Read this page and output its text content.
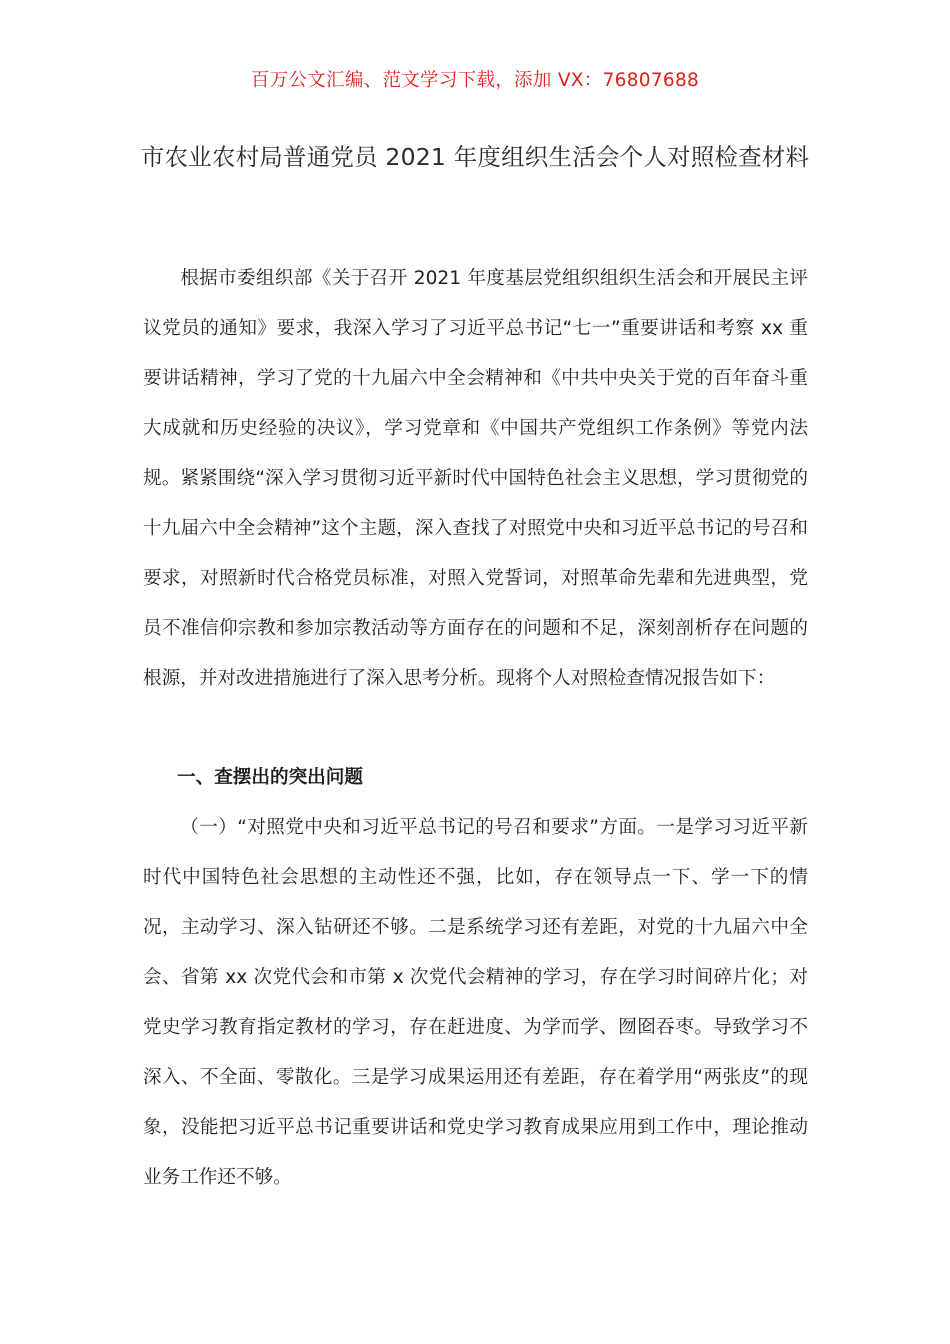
百万公文汇编、范文学习下载，添加 VX：76807688
市农业农村局普通党员 2021 年度组织生活会个人对照检查材料

根据市委组织部《关于召开 2021 年度基层党组织组织生活会和开展民主评议党员的通知》要求，我深入学习了习近平总书记“七一”重要讲话和考察 xx 重要讲话精神，学习了党的十九届六中全会精神和《中共中央关于党的百年奋斗重大成就和历史经验的决议》，学习党章和《中国共产党组织工作条例》等党内法规。紧紧围绕“深入学习贯彻习近平新时代中国特色社会主义思想，学习贯彻党的十九届六中全会精神”这个主题，深入查找了对照党中央和习近平总书记的号召和要求，对照新时代合格党员标准，对照入党誓词，对照革命先辈和先进典型，党员不准信仰宗教和参加宗教活动等方面存在的问题和不足，深刻剖析存在问题的根源，并对改进措施进行了深入思考分析。现将个人对照检查情况报告如下：

一、查摆出的突出问题

（一）“对照党中央和习近平总书记的号召和要求”方面。一是学习习近平新时代中国特色社会思想的主动性还不强，比如，存在领导点一下、学一下的情况，主动学习、深入钻研还不够。二是系统学习还有差距，对党的十九届六中全会、省第 xx 次党代会和市第 x 次党代会精神的学习，存在学习时间碎片化；对党史学习教育指定教材的学习，存在赶进度、为学而学、囫囵吞枣。导致学习不深入、不全面、零散化。三是学习成果运用还有差距，存在着学用“两张皮”的现象，没能把习近平总书记重要讲话和党史学习教育成果应用到工作中，理论推动业务工作还不够。
